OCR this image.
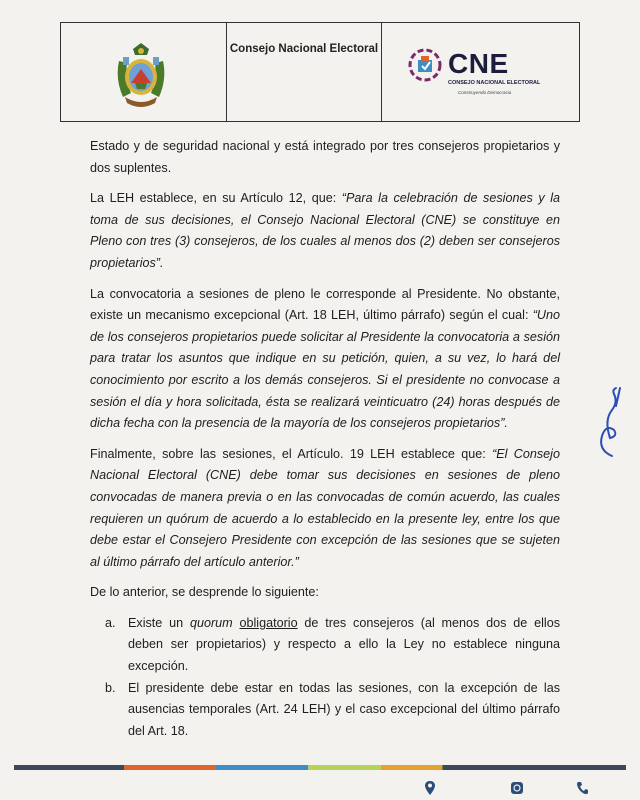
Consejo Nacional Electoral CNE
CONSEJO NACIONAL ELECTORAL
Construyendo Democracia

Estado y de seguridad nacional y está integrado por tres consejeros propietarios y dos suplentes.

La LEH establece, en su Artículo 12, que: “Para la celebración de sesiones y la toma de sus decisiones, el Consejo Nacional Electoral (CNE) se constituye en Pleno con tres (3) consejeros, de los cuales al menos dos (2) deben ser consejeros propietarios”.

La convocatoria a sesiones de pleno le corresponde al Presidente. No obstante, existe un mecanismo excepcional (Art. 18 LEH, último párrafo) según el cual: “Uno de los consejeros propietarios puede solicitar al Presidente la convocatoria a sesión para tratar los asuntos que indique en su petición, quien, a su vez, lo hará del conocimiento por escrito a los demás consejeros. Si el presidente no convocase a sesión el día y hora solicitada, ésta se realizará veinticuatro (24) horas después de dicha fecha con la presencia de la mayoría de los consejeros propietarios”.

Finalmente, sobre las sesiones, el Artículo. 19 LEH establece que: “El Consejo Nacional Electoral (CNE) debe tomar sus decisiones en sesiones de pleno convocadas de manera previa o en las convocadas de común acuerdo, las cuales requieren un quórum de acuerdo a lo establecido en la presente ley, entre los que debe estar el Consejero Presidente con excepción de las sesiones que se sujeten al último párrafo del artículo anterior.”

De lo anterior, se desprende lo siguiente:

a. Existe un quorum obligatorio de tres consejeros (al menos dos de ellos deben ser propietarios) y respecto a ello la Ley no establece ninguna excepción.
b. El presidente debe estar en todas las sesiones, con la excepción de las ausencias temporales (Art. 24 LEH) y el caso excepcional del último párrafo del Art. 18.
